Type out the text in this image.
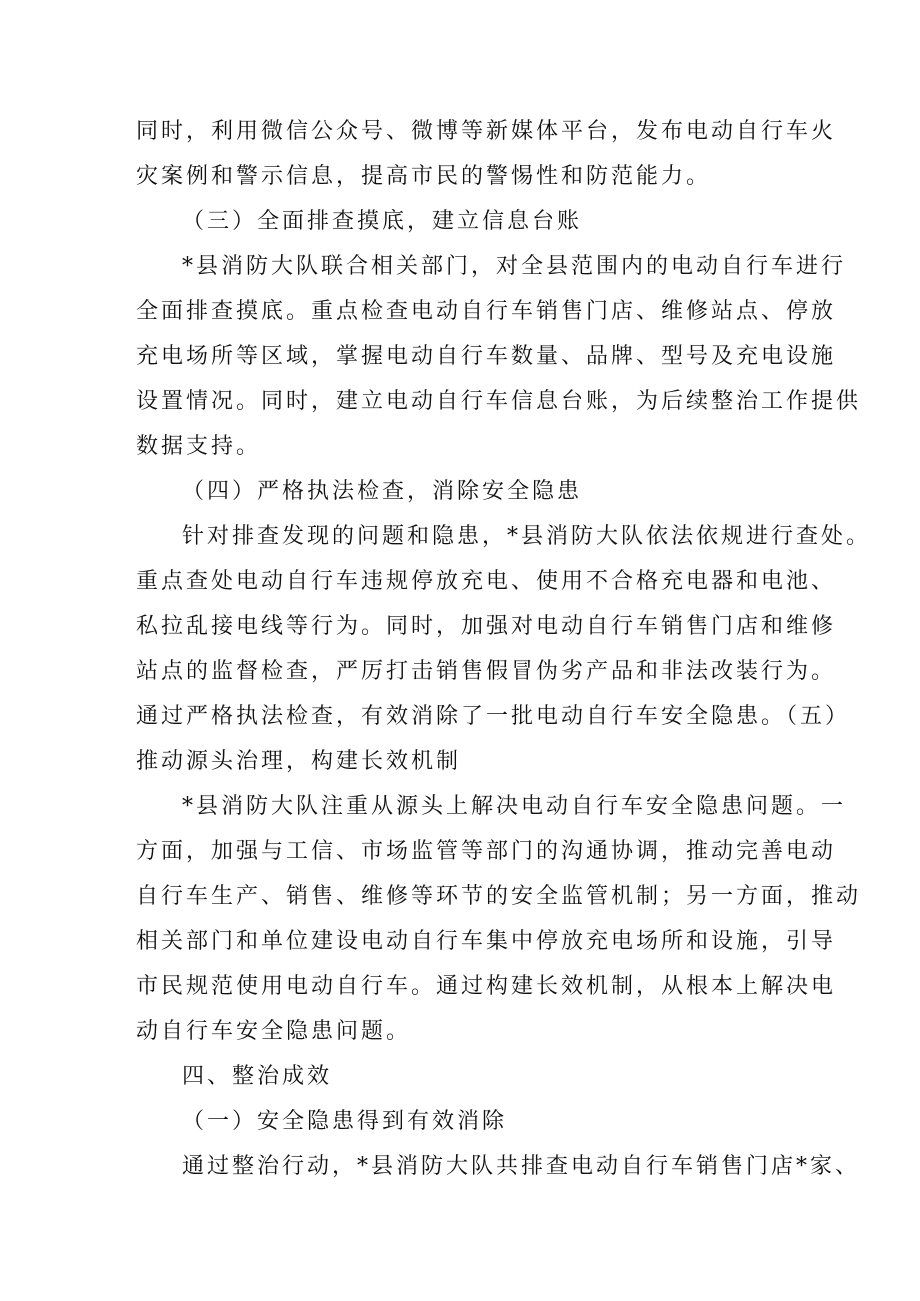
同时，利用微信公众号、微博等新媒体平台，发布电动自行车火
灾案例和警示信息，提高市民的警惕性和防范能力。
（三）全面排查摸底，建立信息台账
*县消防大队联合相关部门，对全县范围内的电动自行车进行
全面排查摸底。重点检查电动自行车销售门店、维修站点、停放
充电场所等区域，掌握电动自行车数量、品牌、型号及充电设施
设置情况。同时，建立电动自行车信息台账，为后续整治工作提供
数据支持。
（四）严格执法检查，消除安全隐患
针对排查发现的问题和隐患，*县消防大队依法依规进行查处。
重点查处电动自行车违规停放充电、使用不合格充电器和电池、
私拉乱接电线等行为。同时，加强对电动自行车销售门店和维修
站点的监督检查，严厉打击销售假冒伪劣产品和非法改装行为。
通过严格执法检查，有效消除了一批电动自行车安全隐患。（五）
推动源头治理，构建长效机制
*县消防大队注重从源头上解决电动自行车安全隐患问题。一
方面，加强与工信、市场监管等部门的沟通协调，推动完善电动
自行车生产、销售、维修等环节的安全监管机制；另一方面，推动
相关部门和单位建设电动自行车集中停放充电场所和设施，引导
市民规范使用电动自行车。通过构建长效机制，从根本上解决电
动自行车安全隐患问题。
四、整治成效
（一）安全隐患得到有效消除
通过整治行动，*县消防大队共排查电动自行车销售门店*家、
